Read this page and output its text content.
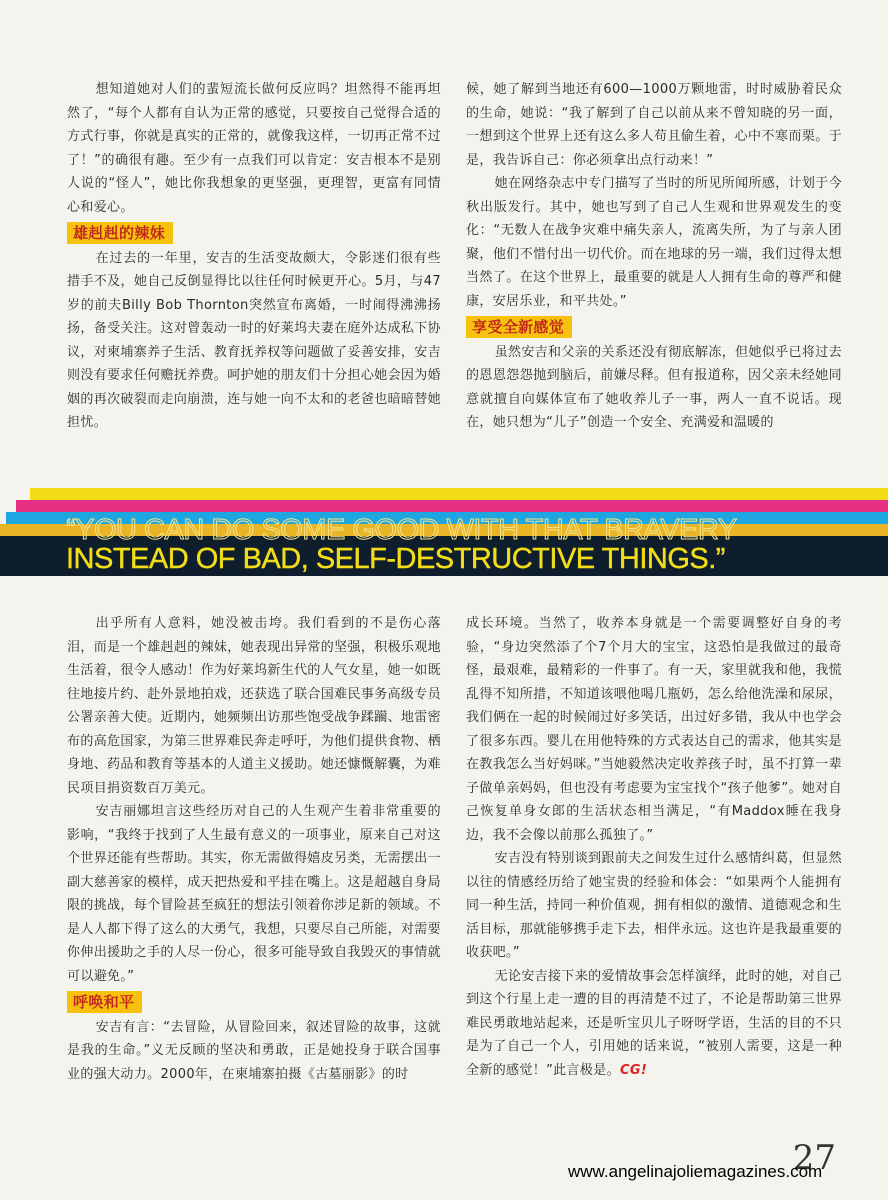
想知道她对人们的蜚短流长做何反应吗？坦然得不能再坦然了，“每个人都有自认为正常的感觉，只要按自己觉得合适的方式行事，你就是真实的正常的，就像我这样，一切再正常不过了！”的确很有趣。至少有一点我们可以肯定：安吉根本不是别人说的“怪人”，她比你我想象的更坚强，更理智，更富有同情心和爱心。

雄赳赳的辣妹

在过去的一年里，安吉的生活变故颇大，令影迷们很有些措手不及，她自己反倒显得比以往任何时候更开心。5月，与47岁的前夫Billy Bob Thornton突然宣布离婚，一时闹得沸沸扬扬，备受关注。这对曾轰动一时的好莱坞夫妻在庭外达成私下协议，对柬埔寨养子生活、教育抚养权等问题做了妥善安排，安吉则没有要求任何赡抚养费。呵护她的朋友们十分担心她会因为婚姻的再次破裂而走向崩溃，连与她一向不太和的老爸也暗暗替她担忧。

候，她了解到当地还有600—1000万颗地雷，时时威胁着民众的生命，她说：“我了解到了自己以前从来不曾知晓的另一面，一想到这个世界上还有这么多人苟且偷生着，心中不寒而栗。于是，我告诉自己：你必须拿出点行动来！”

她在网络杂志中专门描写了当时的所见所闻所感，计划于今秋出版发行。其中，她也写到了自己人生观和世界观发生的变化：“无数人在战争灾难中痛失亲人，流离失所，为了与亲人团聚，他们不惜付出一切代价。而在地球的另一端，我们过得太想当然了。在这个世界上，最重要的就是人人拥有生命的尊严和健康，安居乐业，和平共处。”

享受全新感觉

虽然安吉和父亲的关系还没有彻底解冻，但她似乎已将过去的恩恩怨怨抛到脑后，前嫌尽释。但有报道称，因父亲未经她同意就擅自向媒体宣布了她收养儿子一事，两人一直不说话。现在，她只想为“儿子”创造一个安全、充满爱和温暖的

“YOU CAN DO SOME GOOD WITH THAT BRAVERY
INSTEAD OF BAD, SELF-DESTRUCTIVE THINGS.”

出乎所有人意料，她没被击垮。我们看到的不是伤心落泪，而是一个雄赳赳的辣妹，她表现出异常的坚强，积极乐观地生活着，很令人感动！作为好莱坞新生代的人气女星，她一如既往地接片约、赴外景地拍戏，还获选了联合国难民事务高级专员公署亲善大使。近期内，她频频出访那些饱受战争蹂躏、地雷密布的高危国家，为第三世界难民奔走呼吁，为他们提供食物、栖身地、药品和教育等基本的人道主义援助。她还慷慨解囊，为难民项目捐资数百万美元。

安吉丽娜坦言这些经历对自己的人生观产生着非常重要的影响，“我终于找到了人生最有意义的一项事业，原来自己对这个世界还能有些帮助。其实，你无需做得嬉皮另类，无需摆出一副大慈善家的模样，成天把热爱和平挂在嘴上。这是超越自身局限的挑战，每个冒险甚至疯狂的想法引领着你涉足新的领域。不是人人都下得了这么的大勇气，我想，只要尽自己所能，对需要你伸出援助之手的人尽一份心，很多可能导致自我毁灭的事情就可以避免。”

呼唤和平

安吉有言：“去冒险，从冒险回来，叙述冒险的故事，这就是我的生命。”义无反顾的坚决和勇敢，正是她投身于联合国事业的强大动力。2000年，在柬埔寨拍摄《古墓丽影》的时

成长环境。当然了，收养本身就是一个需要调整好自身的考验，“身边突然添了个7个月大的宝宝，这恐怕是我做过的最奇怪，最艰难，最精彩的一件事了。有一天，家里就我和他，我慌乱得不知所措，不知道该喂他喝几瓶奶，怎么给他洗澡和尿尿，我们俩在一起的时候闹过好多笑话，出过好多错，我从中也学会了很多东西。婴儿在用他特殊的方式表达自己的需求，他其实是在教我怎么当好妈咪。”当她毅然决定收养孩子时，虽不打算一辈子做单亲妈妈，但也没有考虑要为宝宝找个“孩子他爹”。她对自己恢复单身女郎的生活状态相当满足，“有Maddox睡在我身边，我不会像以前那么孤独了。”

安吉没有特别谈到跟前夫之间发生过什么感情纠葛，但显然以往的情感经历给了她宝贵的经验和体会：“如果两个人能拥有同一种生活，持同一种价值观，拥有相似的激情、道德观念和生活目标，那就能够携手走下去，相伴永远。这也许是我最重要的收获吧。”

无论安吉接下来的爱情故事会怎样演绎，此时的她，对自己到这个行星上走一遭的目的再清楚不过了，不论是帮助第三世界难民勇敢地站起来，还是听宝贝儿子呀呀学语，生活的目的不只是为了自己一个人，引用她的话来说，“被别人需要，这是一种全新的感觉！”此言极是。CG!

27
www.angelinajoliemagazines.com
